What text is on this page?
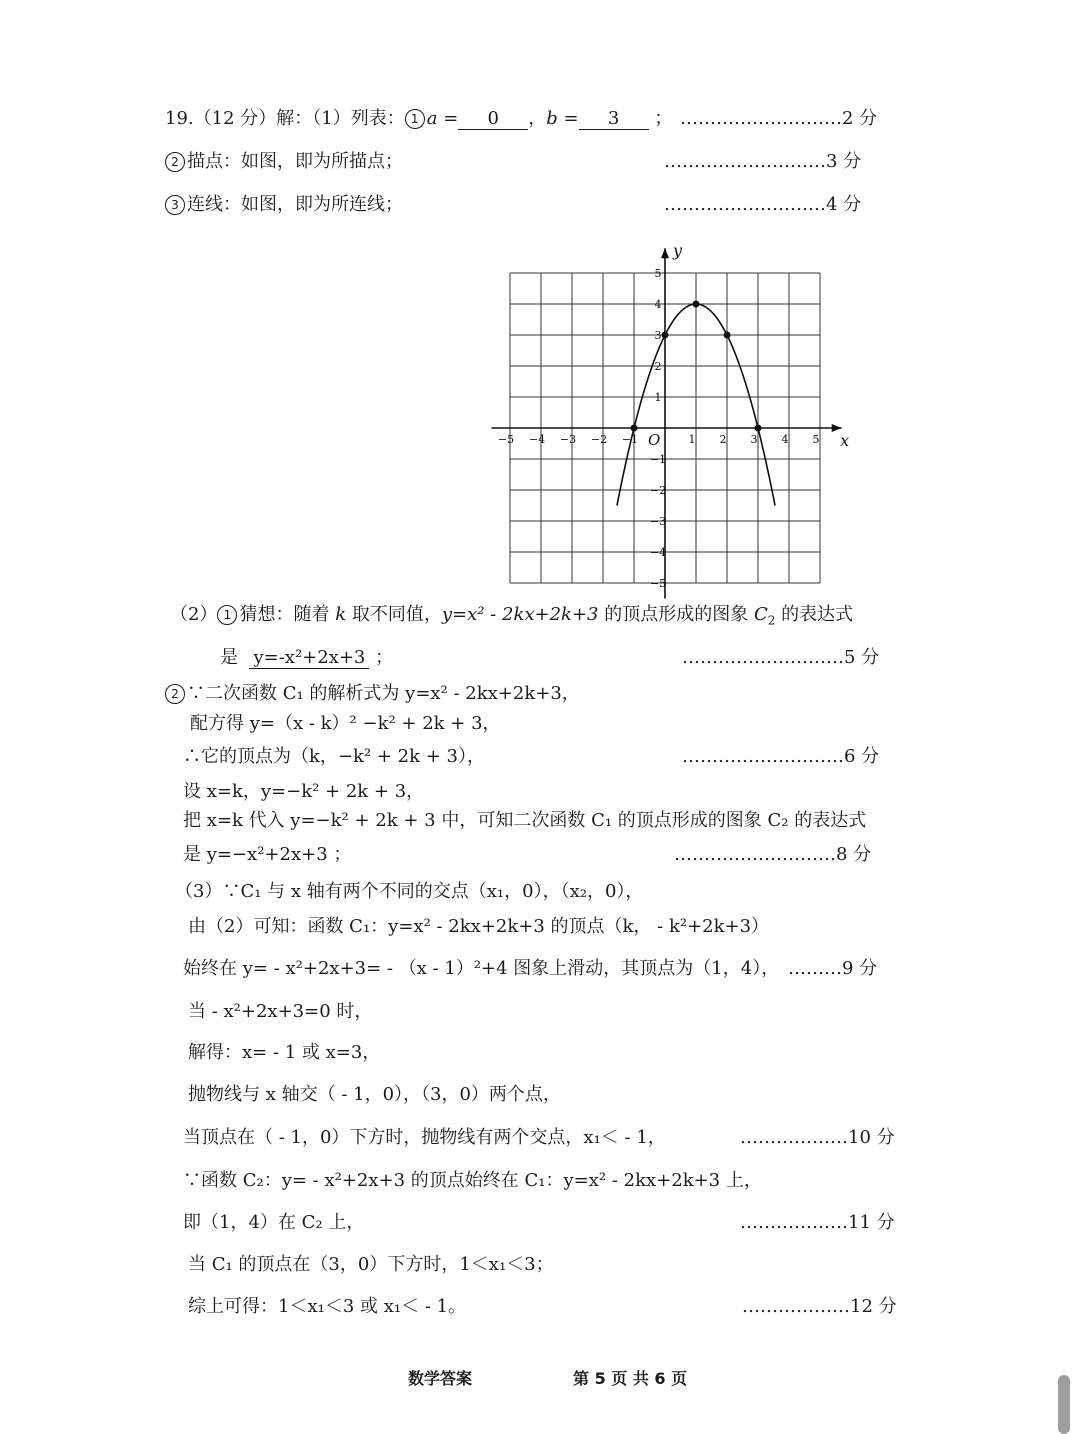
19.（12 分）解：（1）列表： 1 a = 0 ，b = 3 ； ………………………2 分
2 描点：如图，即为所描点；	………………………3 分
3 连线：如图，即为所连线；	………………………4 分
x
y
O
−5 −4 −3 −2 −1	1 2 3 4 5
5
4
3
2
1
−1
−2
−3
−4
−5
（2） 1 猜想：随着 k 取不同值，y=x² - 2kx+2k+3 的顶点形成的图象 $C_2$ 的表达式
是 y=-x²+2x+3 ；	………………………5 分
2 ∵二次函数 C₁ 的解析式为 y=x² - 2kx+2k+3，
配方得 y=（x - k）² −k² + 2k + 3，
∴它的顶点为（k，−k² + 2k + 3），	………………………6 分
设 x=k，y=−k² + 2k + 3，
把 x=k 代入 y=−k² + 2k + 3 中，可知二次函数 C₁ 的顶点形成的图象 C₂ 的表达式
是 y=−x²+2x+3 ；	………………………8 分
（3）∵C₁ 与 x 轴有两个不同的交点（x₁，0），（x₂，0），
由（2）可知：函数 C₁：y=x² - 2kx+2k+3 的顶点（k， - k²+2k+3）
始终在 y= - x²+2x+3= - （x - 1）²+4 图象上滑动，其顶点为（1，4）， ………9 分
当 - x²+2x+3=0 时，
解得：x= - 1 或 x=3，
抛物线与 x 轴交（ - 1，0），（3，0）两个点，
当顶点在（ - 1，0）下方时，抛物线有两个交点，x₁＜ - 1，	………………10 分
∵函数 C₂：y= - x²+2x+3 的顶点始终在 C₁：y=x² - 2kx+2k+3 上，
即（1，4）在 C₂ 上，	………………11 分
当 C₁ 的顶点在（3，0）下方时，1＜x₁＜3；
综上可得：1＜x₁＜3 或 x₁＜ - 1。	………………12 分
数学答案	第 5 页 共 6 页
